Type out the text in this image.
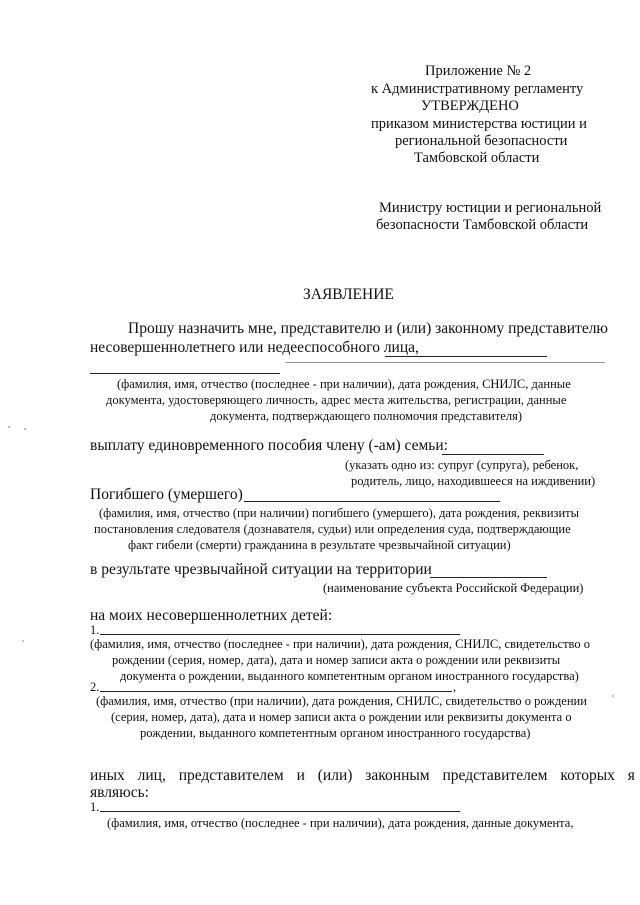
Приложение № 2
к Административному регламенту
УТВЕРЖДЕНО
приказом министерства юстиции и
региональной безопасности
Тамбовской области
Министру юстиции и региональной
безопасности Тамбовской области
ЗАЯВЛЕНИЕ
Прошу назначить мне, представителю и (или) законному представителю
несовершеннолетнего или недееспособного лица,
(фамилия, имя, отчество (последнее - при наличии), дата рождения, СНИЛС, данные
документа, удостоверяющего личность, адрес места жительства, регистрации, данные
документа, подтверждающего полномочия представителя)
выплату единовременного пособия члену (-ам) семьи:
(указать одно из: супруг (супруга), ребенок,
родитель, лицо, находившееся на иждивении)
Погибшего (умершего)
(фамилия, имя, отчество (при наличии) погибшего (умершего), дата рождения, реквизиты
постановления следователя (дознавателя, судьи) или определения суда, подтверждающие
факт гибели (смерти) гражданина в результате чрезвычайной ситуации)
в результате чрезвычайной ситуации на территории
(наименование субъекта Российской Федерации)
на моих несовершеннолетних детей:
1.
(фамилия, имя, отчество (последнее - при наличии), дата рождения, СНИЛС, свидетельство о
рождении (серия, номер, дата), дата и номер записи акта о рождении или реквизиты
документа о рождении, выданного компетентным органом иностранного государства)
2.	,
(фамилия, имя, отчество (при наличии), дата рождения, СНИЛС, свидетельство о рождении
(серия, номер, дата), дата и номер записи акта о рождении или реквизиты документа о
рождении, выданного компетентным органом иностранного государства)
иных лиц, представителем и (или) законным представителем которых я
являюсь:
1.
(фамилия, имя, отчество (последнее - при наличии), дата рождения, данные документа,
